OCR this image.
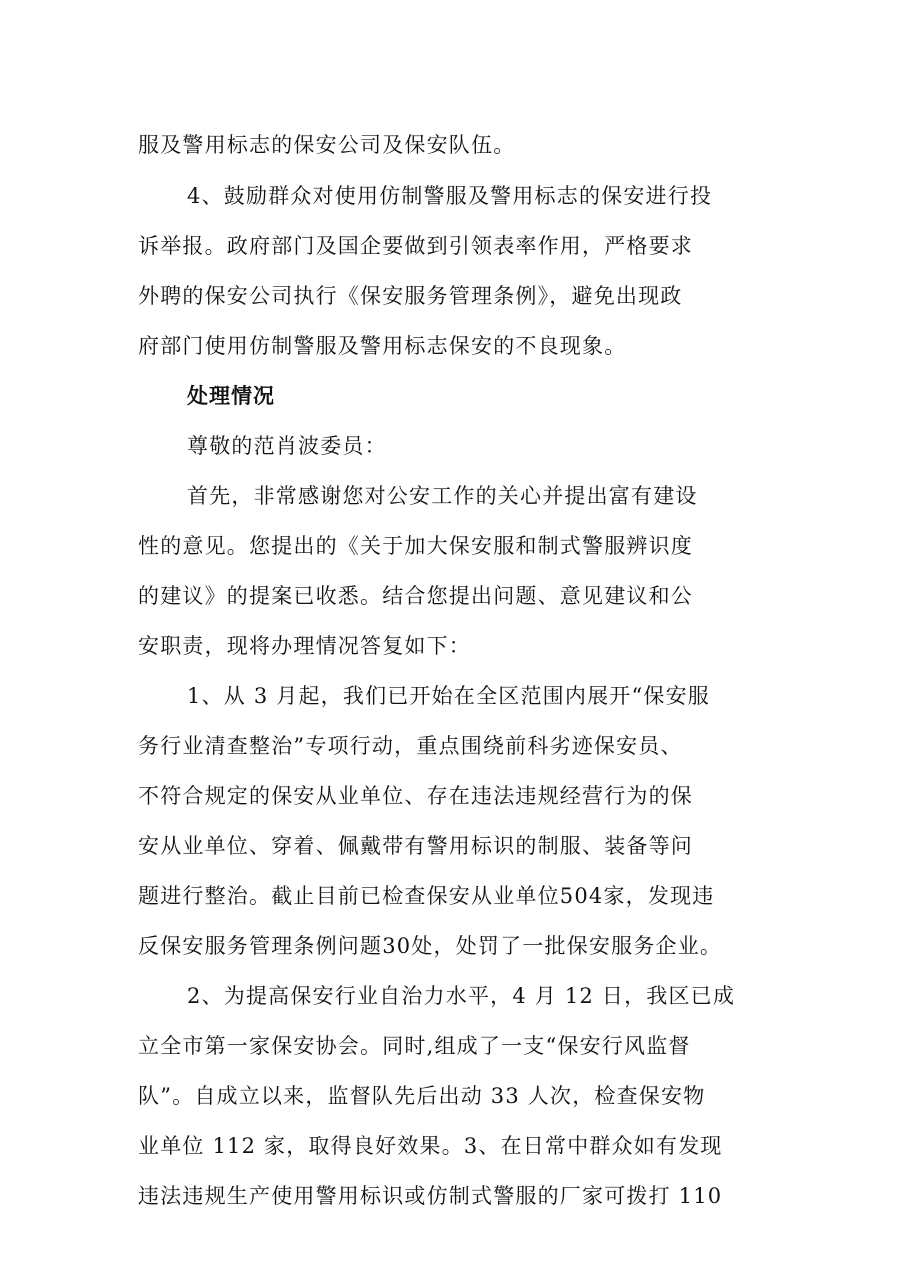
服及警用标志的保安公司及保安队伍。
4、鼓励群众对使用仿制警服及警用标志的保安进行投
诉举报。政府部门及国企要做到引领表率作用，严格要求
外聘的保安公司执行《保安服务管理条例》，避免出现政
府部门使用仿制警服及警用标志保安的不良现象。
处理情况
尊敬的范肖波委员：
首先，非常感谢您对公安工作的关心并提出富有建设
性的意见。您提出的《关于加大保安服和制式警服辨识度
的建议》的提案已收悉。结合您提出问题、意见建议和公
安职责，现将办理情况答复如下：
1、从 3 月起，我们已开始在全区范围内展开“保安服
务行业清查整治”专项行动，重点围绕前科劣迹保安员、
不符合规定的保安从业单位、存在违法违规经营行为的保
安从业单位、穿着、佩戴带有警用标识的制服、装备等问
题进行整治。截止目前已检查保安从业单位504家，发现违
反保安服务管理条例问题30处，处罚了一批保安服务企业。
2、为提高保安行业自治力水平，4 月 12 日，我区已成
立全市第一家保安协会。同时,组成了一支“保安行风监督
队”。自成立以来，监督队先后出动 33 人次，检查保安物
业单位 112 家，取得良好效果。3、在日常中群众如有发现
违法违规生产使用警用标识或仿制式警服的厂家可拨打 110
